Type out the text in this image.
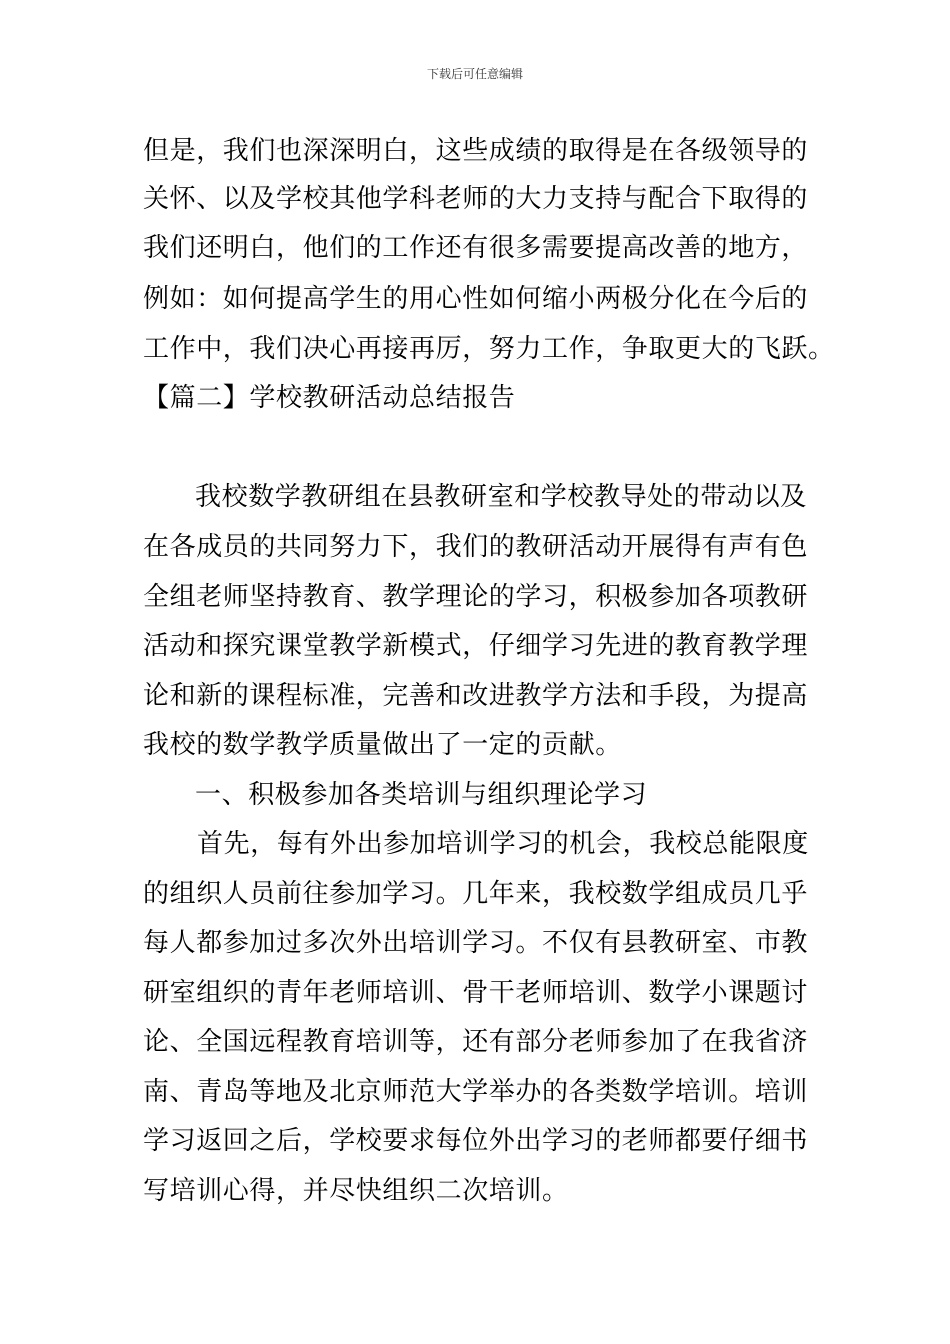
下载后可任意编辑
但是，我们也深深明白，这些成绩的取得是在各级领导的
关怀、以及学校其他学科老师的大力支持与配合下取得的
我们还明白，他们的工作还有很多需要提高改善的地方，
例如：如何提高学生的用心性如何缩小两极分化在今后的
工作中，我们决心再接再厉，努力工作，争取更大的飞跃。
【篇二】学校教研活动总结报告
我校数学教研组在县教研室和学校教导处的带动以及
在各成员的共同努力下，我们的教研活动开展得有声有色
全组老师坚持教育、教学理论的学习，积极参加各项教研
活动和探究课堂教学新模式，仔细学习先进的教育教学理
论和新的课程标准，完善和改进教学方法和手段，为提高
我校的数学教学质量做出了一定的贡献。
一、积极参加各类培训与组织理论学习
首先，每有外出参加培训学习的机会，我校总能限度
的组织人员前往参加学习。几年来，我校数学组成员几乎
每人都参加过多次外出培训学习。不仅有县教研室、市教
研室组织的青年老师培训、骨干老师培训、数学小课题讨
论、全国远程教育培训等，还有部分老师参加了在我省济
南、青岛等地及北京师范大学举办的各类数学培训。培训
学习返回之后，学校要求每位外出学习的老师都要仔细书
写培训心得，并尽快组织二次培训。
